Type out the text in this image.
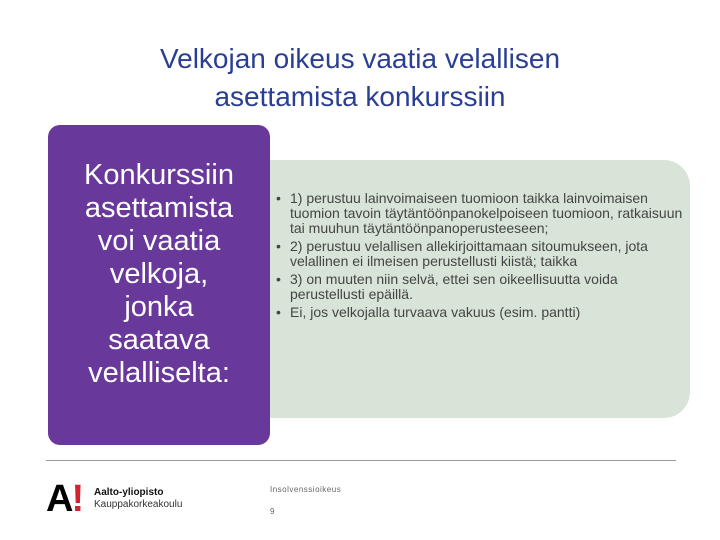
Velkojan oikeus vaatia velallisen
asettamista konkurssiin
Konkurssiin
asettamista
voi vaatia
velkoja,
jonka
saatava
velalliselta:
• 1) perustuu lainvoimaiseen tuomioon taikka lainvoimaisen tuomion tavoin täytäntöönpanokelpoiseen tuomioon, ratkaisuun tai muuhun täytäntöönpanoperusteeseen;
• 2) perustuu velallisen allekirjoittamaan sitoumukseen, jota velallinen ei ilmeisen perustellusti kiistä; taikka
• 3) on muuten niin selvä, ettei sen oikeellisuutta voida perustellusti epäillä.
• Ei, jos velkojalla turvaava vakuus (esim. pantti)
A! Aalto-yliopisto
Kauppakorkeakoulu
Insolvenssioikeus
9
